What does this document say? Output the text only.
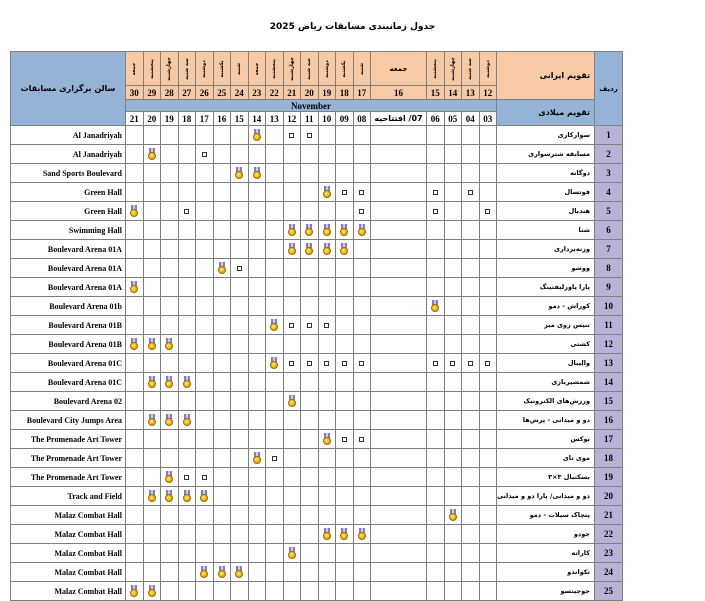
جدول زمانبندی مسابقات ریاض 2025
سالن برگزاری مسابقات	جمعه	پنجشنبه	چهارشنبه	سه شنبه	دوشنبه	یکشنبه	شنبه	جمعه	پنجشنبه	چهارشنبه	سه شنبه	دوشنبه	یکشنبه	شنبه	جمعه	پنجشنبه	چهارشنبه	سه شنبه	دوشنبه	تقویم ایرانی	ردیف
	30	29	28	27	26	25	24	23	22	21	20	19	18	17	16	15	14	13	12		
	November																			تقویم میلادی	
	21	20	19	18	17	16	15	14	13	12	11	10	09	08	07/ افتتاحیه	06	05	04	03		
Al Janadriyah																				سوارکاری	1
Al Janadriyah																				مسابقه شترسواری	2
Sand Sports Boulevard																				دوگانه	3
Green Hall																				فوتسال	4
Green Hall																				هندبال	5
Swimming Hall																				شنا	6
Boulevard Arena 01A																				وزنه‌برداری	7
Boulevard Arena 01A																				ووشو	8
Boulevard Arena 01A																				پارا پاورلیفتینگ	9
Boulevard Arena 01b																				کوراش - دمو	10
Boulevard Arena 01B																				تنیس روی میز	11
Boulevard Arena 01B																				کشتی	12
Boulevard Arena 01C																				والیبال	13
Boulevard Arena 01C																				شمشیربازی	14
Boulevard Arena 02																				ورزش‌های الکترونیک	15
Boulevard City Jumps Area																				دو و میدانی - پرش‌ها	16
The Promenade Art Tower																				بوکس	17
The Promenade Art Tower																				موی تای	18
The Promenade Art Tower																				بسکتبال ۳×۳	19
Track and Field																				دو و میدانی/ پارا دو و میدانی	20
Malaz Combat Hall																				پنچاک سیلات - دمو	21
Malaz Combat Hall																				جودو	22
Malaz Combat Hall																				کاراته	23
Malaz Combat Hall																				تکواندو	24
Malaz Combat Hall																				جوجیتسو	25
